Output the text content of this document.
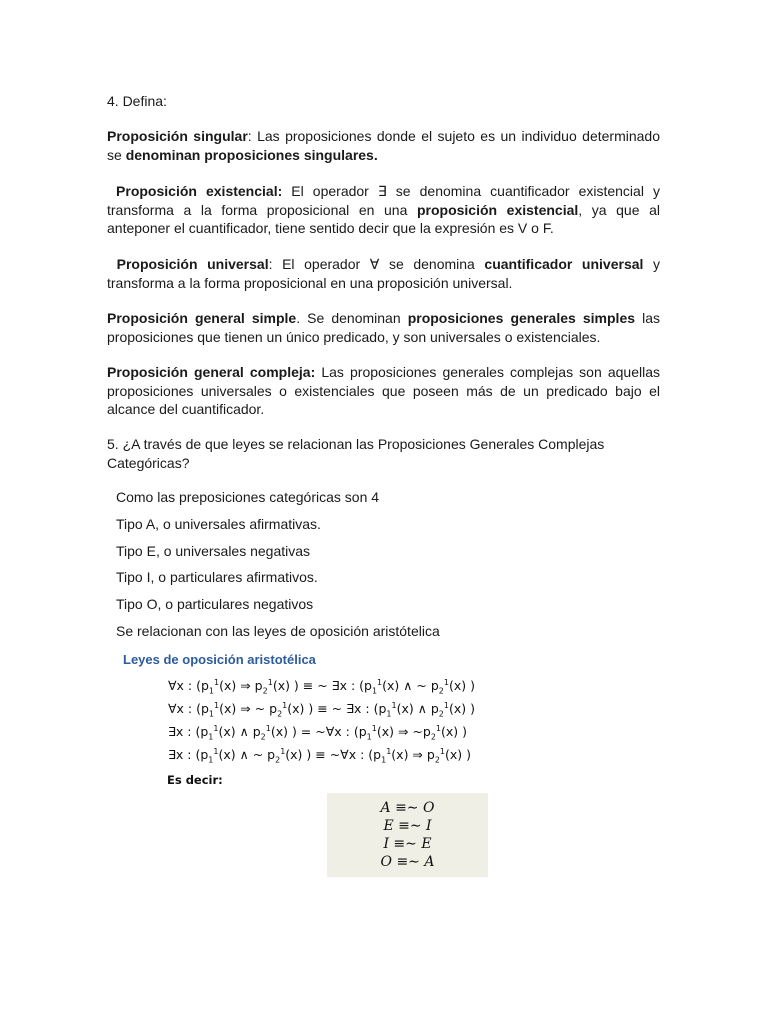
4. Defina:

Proposición singular: Las proposiciones donde el sujeto es un individuo determinado se denominan proposiciones singulares.

Proposición existencial: El operador ∃ se denomina cuantificador existencial y transforma a la forma proposicional en una proposición existencial, ya que al anteponer el cuantificador, tiene sentido decir que la expresión es V o F.

Proposición universal: El operador ∀ se denomina cuantificador universal y transforma a la forma proposicional en una proposición universal.

Proposición general simple. Se denominan proposiciones generales simples las proposiciones que tienen un único predicado, y son universales o existenciales.

Proposición general compleja: Las proposiciones generales complejas son aquellas proposiciones universales o existenciales que poseen más de un predicado bajo el alcance del cuantificador.

5. ¿A través de que leyes se relacionan las Proposiciones Generales Complejas Categóricas?

Como las preposiciones categóricas son 4
Tipo A, o universales afirmativas.
Tipo E, o universales negativas
Tipo I, o particulares afirmativos.
Tipo O, o particulares negativos
Se relacionan con las leyes de oposición aristótelica
Leyes de oposición aristotélica
∀x : ($p_1^1(x)$ ⇒ $p_2^1(x)$ ) ≡ ~ ∃x : ($p_1^1(x)$ ∧ ~ $p_2^1(x)$ )
∀x : ($p_1^1(x)$ ⇒ ~ $p_2^1(x)$ ) ≡ ~ ∃x : ($p_1^1(x)$ ∧ $p_2^1(x)$ )
∃x : ($p_1^1(x)$ ∧ $p_2^1(x)$ ) = ~∀x : ($p_1^1(x)$ ⇒ $\sim p_2^1(x)$ )
∃x : ($p_1^1(x)$ ∧ ~ $p_2^1(x)$ ) ≡ ~∀x : ($p_1^1(x)$ ⇒ $p_2^1(x)$ )
Es decir:
A ≡∼ O
E ≡∼ I
I ≡∼ E
O ≡∼ A
